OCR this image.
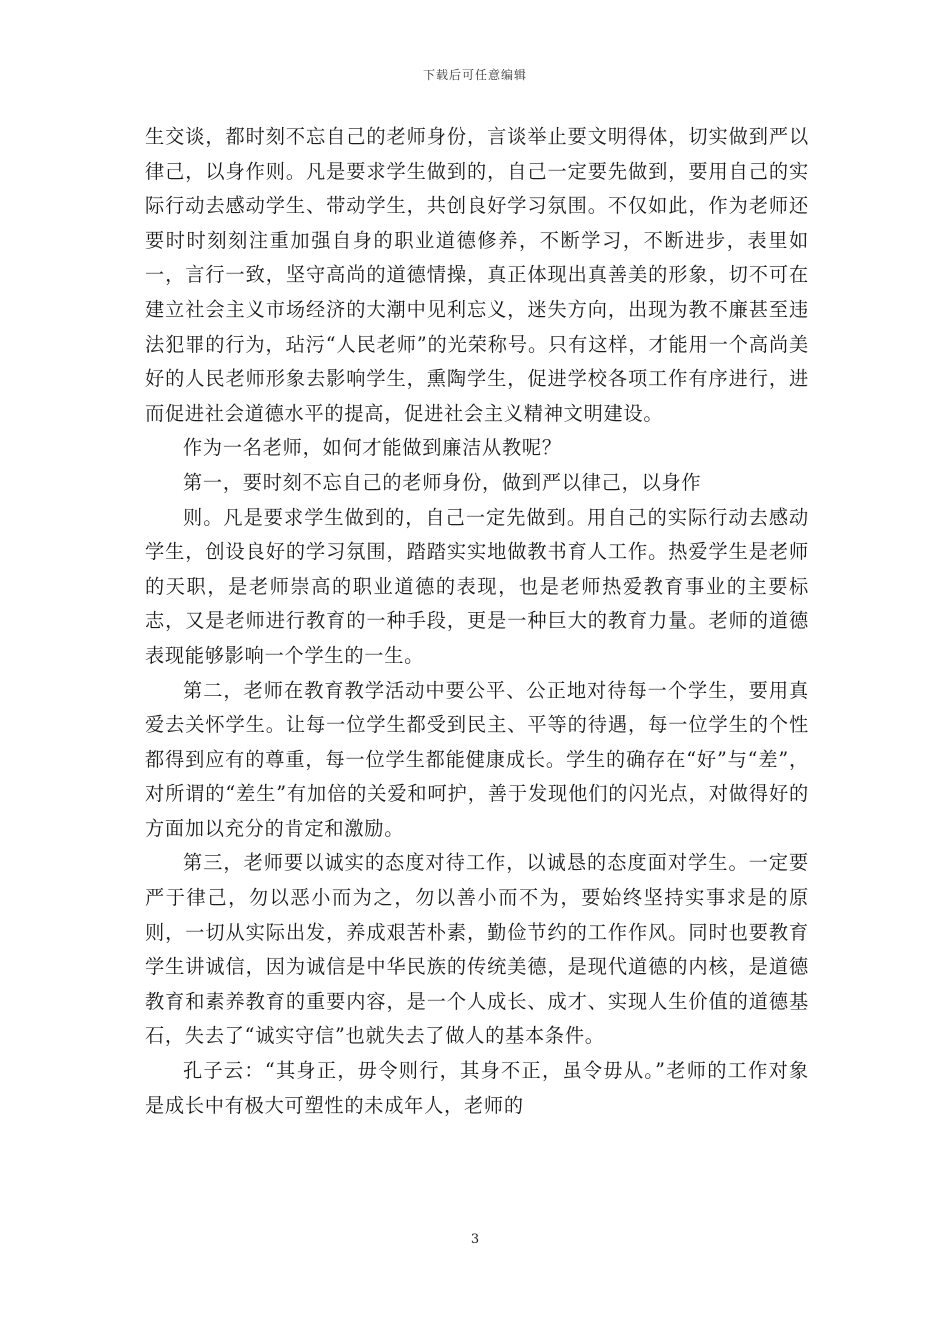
下载后可任意编辑

生交谈，都时刻不忘自己的老师身份，言谈举止要文明得体，切实做到严以律己，以身作则。凡是要求学生做到的，自己一定要先做到，要用自己的实际行动去感动学生、带动学生，共创良好学习氛围。不仅如此，作为老师还要时时刻刻注重加强自身的职业道德修养，不断学习，不断进步，表里如一，言行一致，坚守高尚的道德情操，真正体现出真善美的形象，切不可在建立社会主义市场经济的大潮中见利忘义，迷失方向，出现为教不廉甚至违法犯罪的行为，玷污“人民老师”的光荣称号。只有这样，才能用一个高尚美好的人民老师形象去影响学生，熏陶学生，促进学校各项工作有序进行，进而促进社会道德水平的提高，促进社会主义精神文明建设。

作为一名老师，如何才能做到廉洁从教呢？

第一，要时刻不忘自己的老师身份，做到严以律己，以身作

则。凡是要求学生做到的，自己一定先做到。用自己的实际行动去感动学生，创设良好的学习氛围，踏踏实实地做教书育人工作。热爱学生是老师的天职，是老师崇高的职业道德的表现，也是老师热爱教育事业的主要标志，又是老师进行教育的一种手段，更是一种巨大的教育力量。老师的道德表现能够影响一个学生的一生。

第二，老师在教育教学活动中要公平、公正地对待每一个学生，要用真爱去关怀学生。让每一位学生都受到民主、平等的待遇，每一位学生的个性都得到应有的尊重，每一位学生都能健康成长。学生的确存在“好”与“差”，对所谓的“差生”有加倍的关爱和呵护，善于发现他们的闪光点，对做得好的方面加以充分的肯定和激励。

第三，老师要以诚实的态度对待工作，以诚恳的态度面对学生。一定要严于律己，勿以恶小而为之，勿以善小而不为，要始终坚持实事求是的原则，一切从实际出发，养成艰苦朴素，勤俭节约的工作作风。同时也要教育学生讲诚信，因为诚信是中华民族的传统美德，是现代道德的内核，是道德教育和素养教育的重要内容，是一个人成长、成才、实现人生价值的道德基石，失去了“诚实守信”也就失去了做人的基本条件。

孔子云：“其身正，毋令则行，其身不正，虽令毋从。”老师的工作对象是成长中有极大可塑性的未成年人，老师的

3
